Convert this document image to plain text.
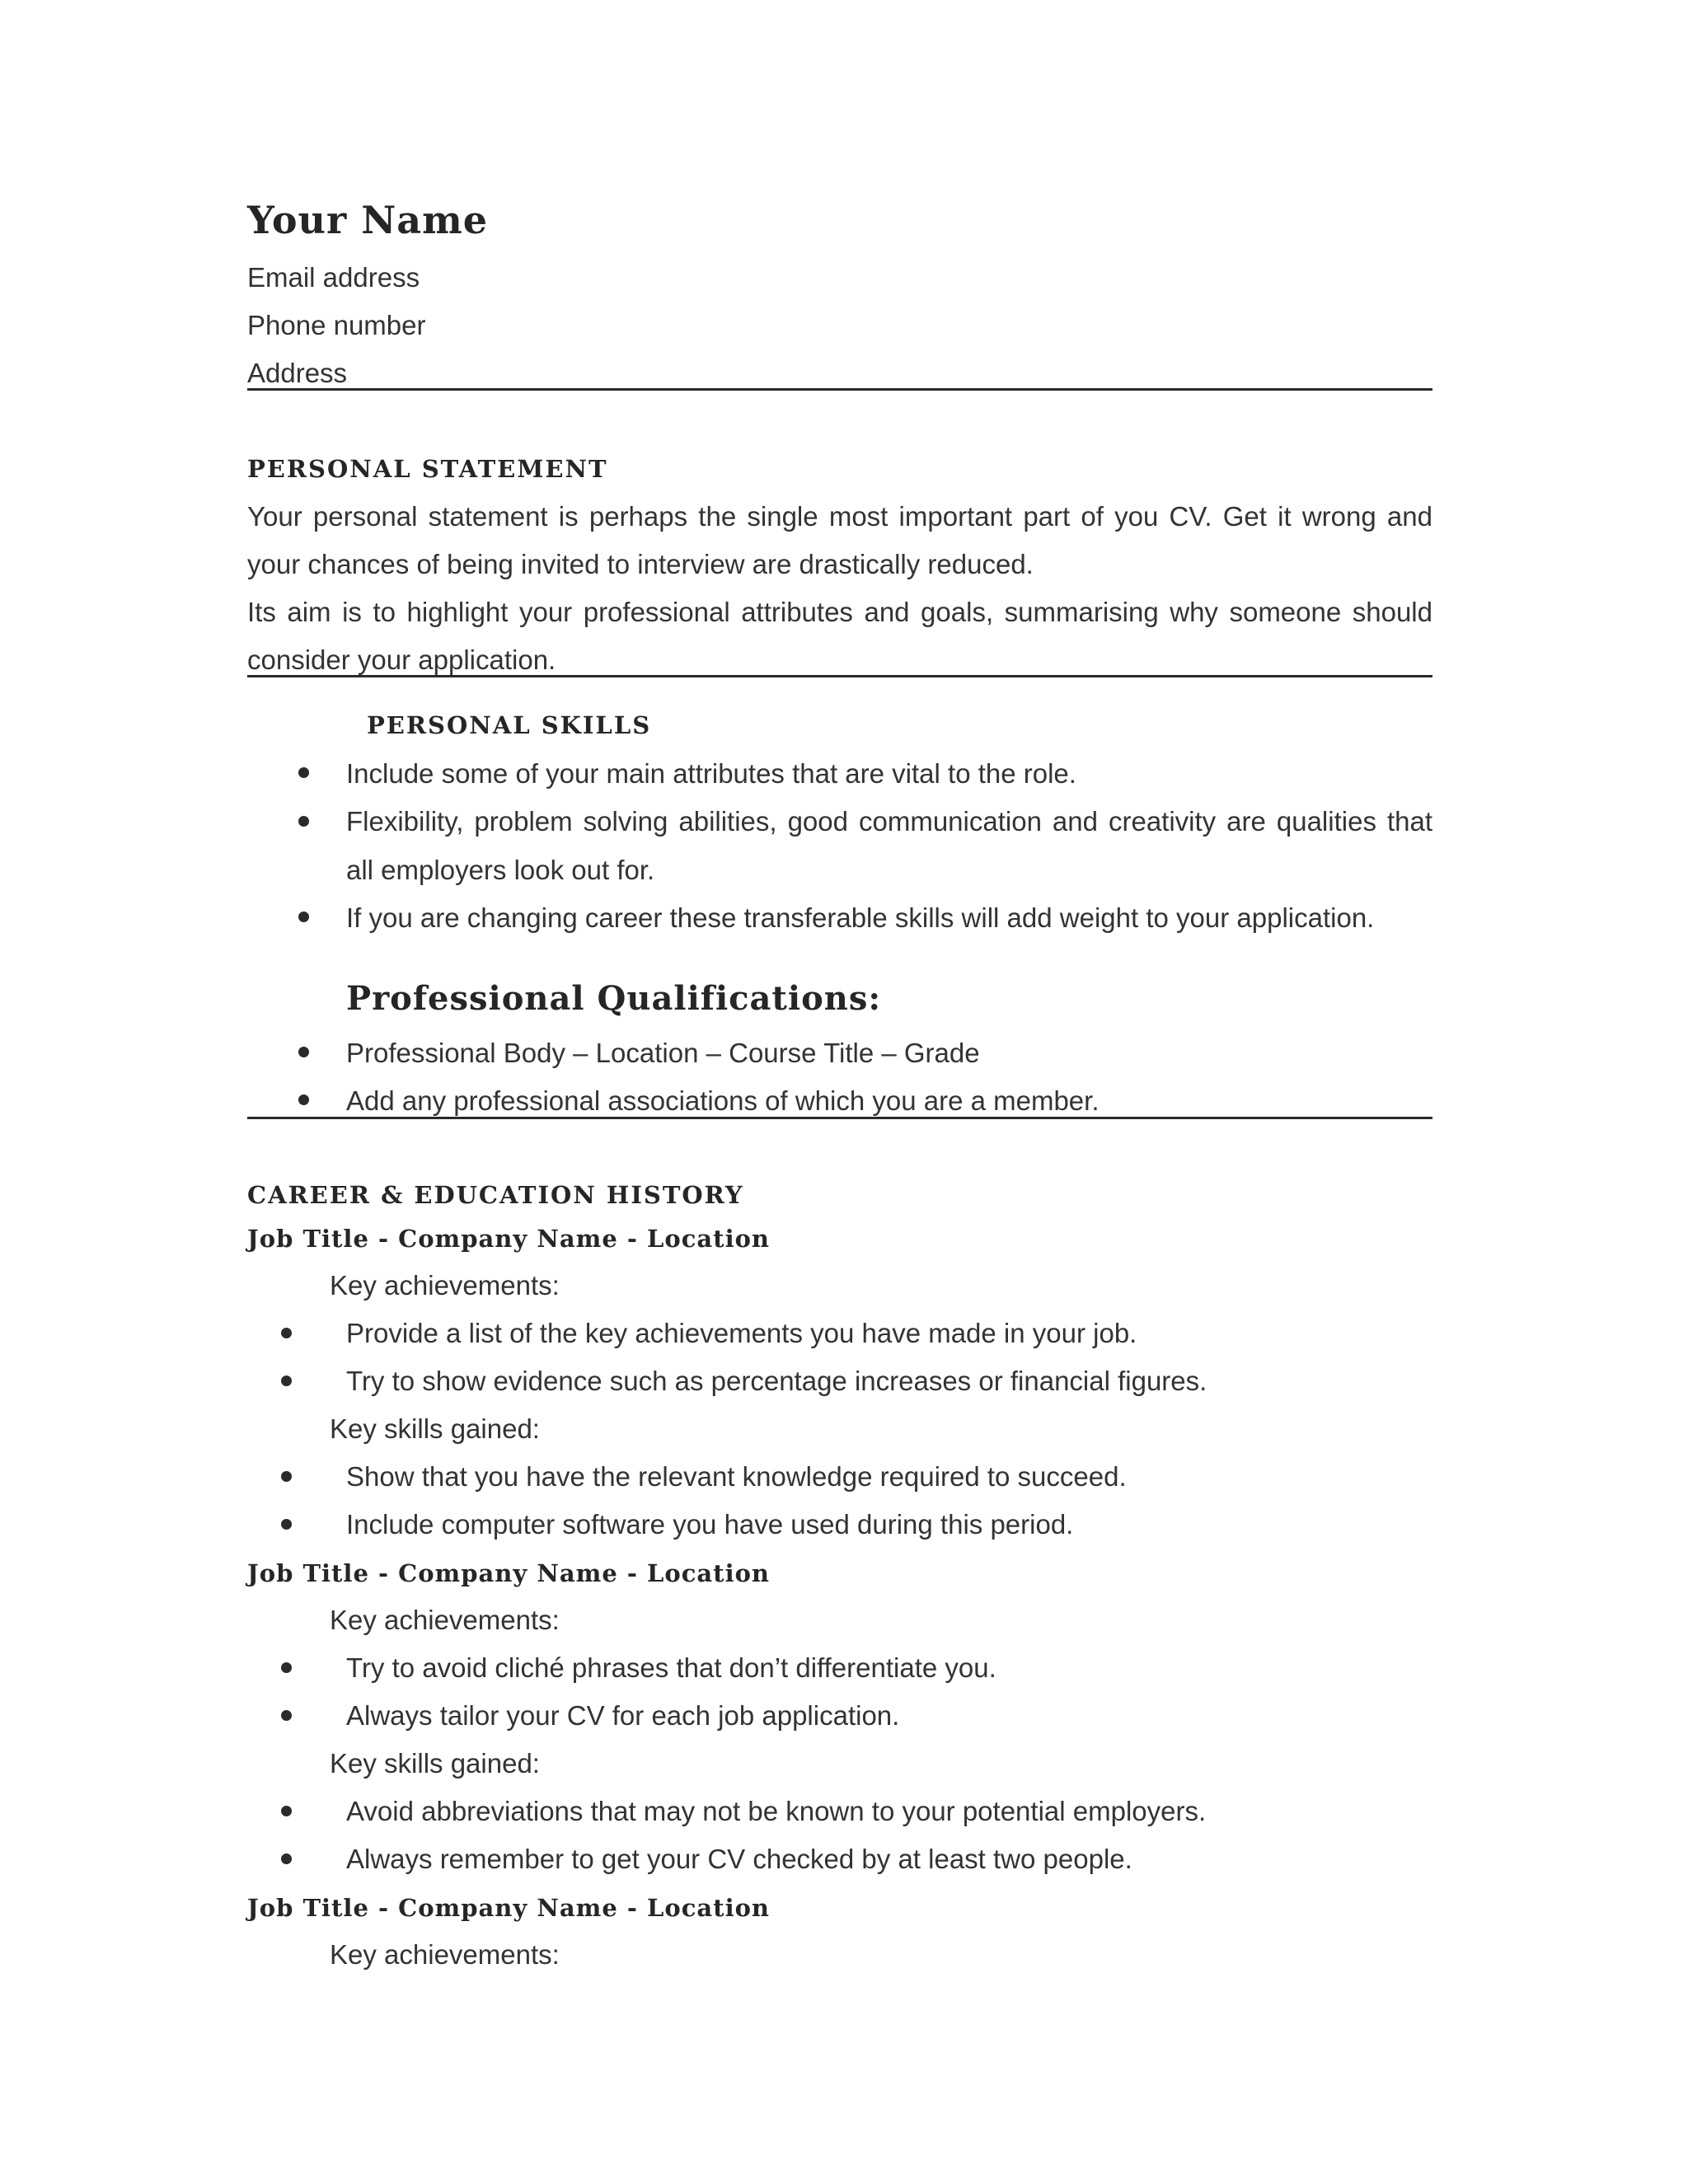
Your Name
Email address
Phone number
Address
PERSONAL STATEMENT
Your personal statement is perhaps the single most important part of you CV. Get it wrong and
your chances of being invited to interview are drastically reduced.
Its aim is to highlight your professional attributes and goals, summarising why someone should
consider your application.
PERSONAL SKILLS
Include some of your main attributes that are vital to the role.
Flexibility, problem solving abilities, good communication and creativity are qualities that
all employers look out for.
If you are changing career these transferable skills will add weight to your application.
Professional Qualifications:
Professional Body – Location – Course Title – Grade
Add any professional associations of which you are a member.
CAREER & EDUCATION HISTORY
Job Title - Company Name - Location
Key achievements:
Provide a list of the key achievements you have made in your job.
Try to show evidence such as percentage increases or financial figures.
Key skills gained:
Show that you have the relevant knowledge required to succeed.
Include computer software you have used during this period.
Job Title - Company Name - Location
Key achievements:
Try to avoid cliché phrases that don’t differentiate you.
Always tailor your CV for each job application.
Key skills gained:
Avoid abbreviations that may not be known to your potential employers.
Always remember to get your CV checked by at least two people.
Job Title - Company Name - Location
Key achievements:
